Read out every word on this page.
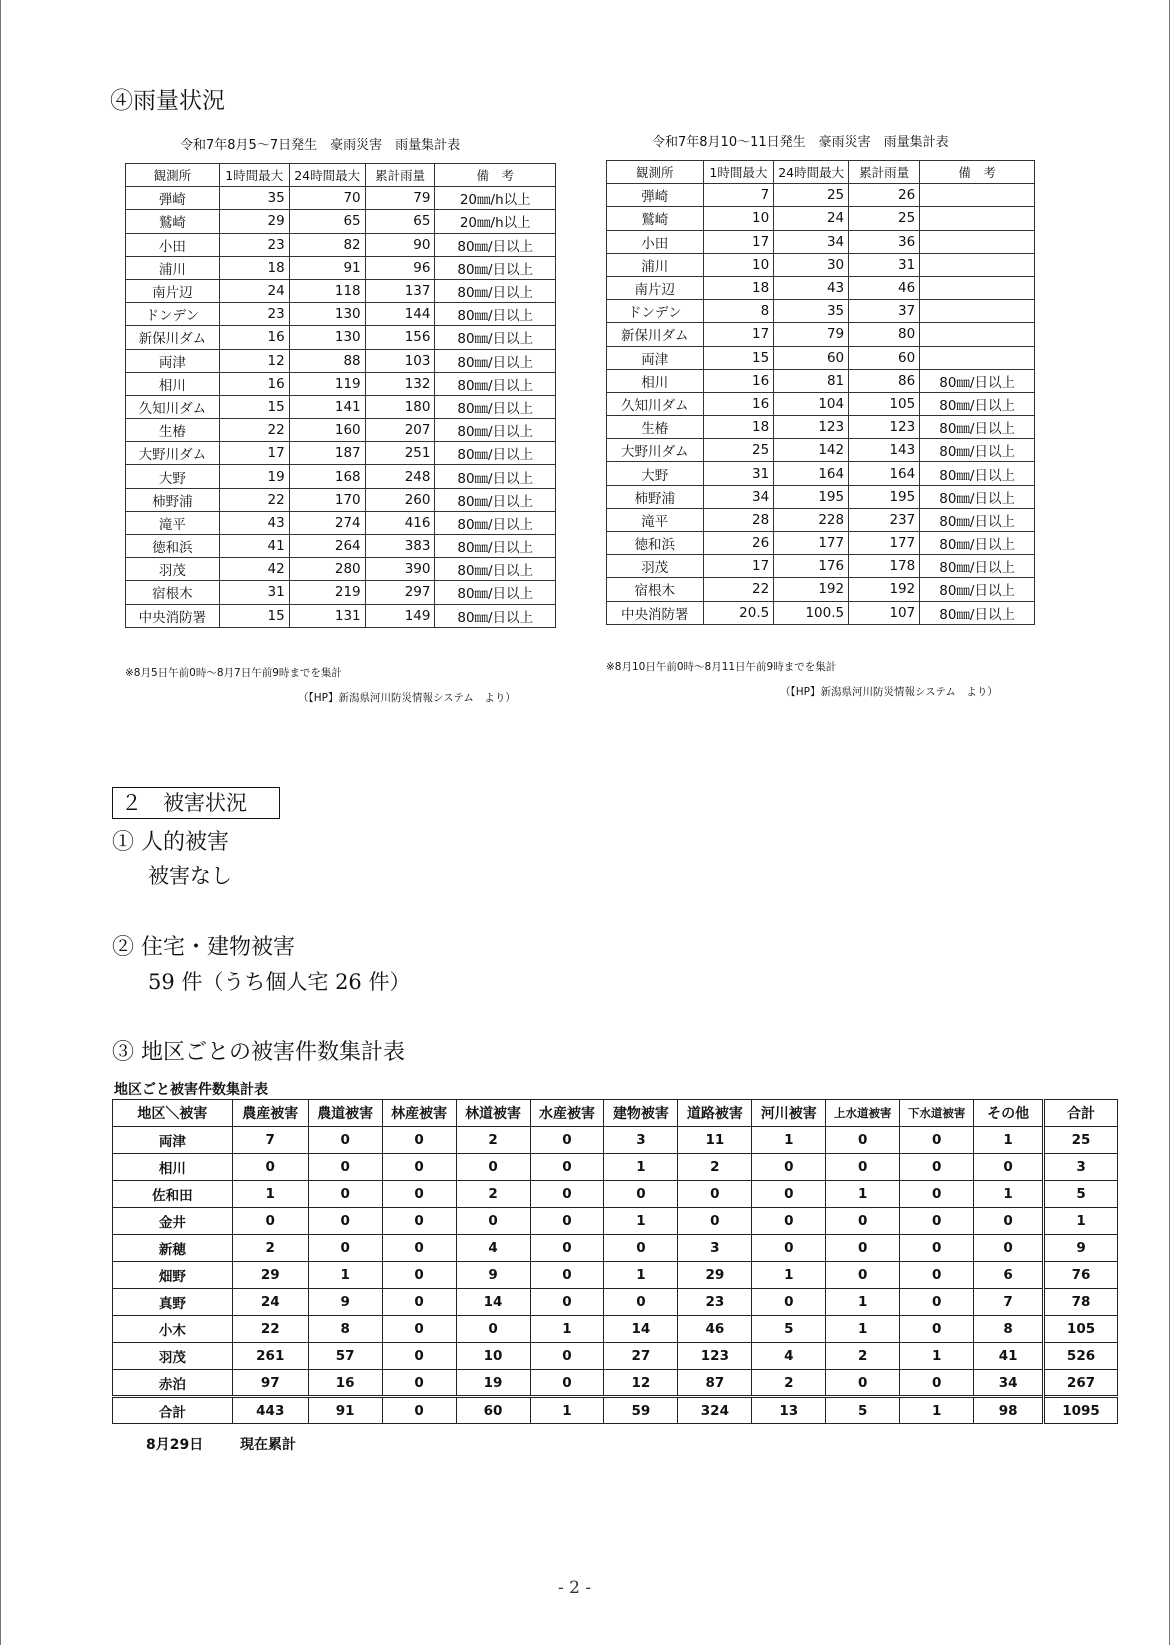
④雨量状況
令和7年8月5〜7日発生　豪雨災害　雨量集計表
観測所	1時間最大	24時間最大	累計雨量	備　考
弾崎	35	70	79	20㎜/h以上
鷲崎	29	65	65	20㎜/h以上
小田	23	82	90	80㎜/日以上
浦川	18	91	96	80㎜/日以上
南片辺	24	118	137	80㎜/日以上
ドンデン	23	130	144	80㎜/日以上
新保川ダム	16	130	156	80㎜/日以上
両津	12	88	103	80㎜/日以上
相川	16	119	132	80㎜/日以上
久知川ダム	15	141	180	80㎜/日以上
生椿	22	160	207	80㎜/日以上
大野川ダム	17	187	251	80㎜/日以上
大野	19	168	248	80㎜/日以上
柿野浦	22	170	260	80㎜/日以上
滝平	43	274	416	80㎜/日以上
徳和浜	41	264	383	80㎜/日以上
羽茂	42	280	390	80㎜/日以上
宿根木	31	219	297	80㎜/日以上
中央消防署	15	131	149	80㎜/日以上
※8月5日午前0時〜8月7日午前9時までを集計
（【HP】新潟県河川防災情報システム　より）
令和7年8月10〜11日発生　豪雨災害　雨量集計表
観測所	1時間最大	24時間最大	累計雨量	備　考
弾崎	7	25	26	
鷲崎	10	24	25	
小田	17	34	36	
浦川	10	30	31	
南片辺	18	43	46	
ドンデン	8	35	37	
新保川ダム	17	79	80	
両津	15	60	60	
相川	16	81	86	80㎜/日以上
久知川ダム	16	104	105	80㎜/日以上
生椿	18	123	123	80㎜/日以上
大野川ダム	25	142	143	80㎜/日以上
大野	31	164	164	80㎜/日以上
柿野浦	34	195	195	80㎜/日以上
滝平	28	228	237	80㎜/日以上
徳和浜	26	177	177	80㎜/日以上
羽茂	17	176	178	80㎜/日以上
宿根木	22	192	192	80㎜/日以上
中央消防署	20.5	100.5	107	80㎜/日以上
※8月10日午前0時〜8月11日午前9時までを集計
（【HP】新潟県河川防災情報システム　より）
２　被害状況
① 人的被害
被害なし
② 住宅・建物被害
59 件（うち個人宅 26 件）
③ 地区ごとの被害件数集計表
地区ごと被害件数集計表
地区＼被害	農産被害	農道被害	林産被害	林道被害	水産被害	建物被害	道路被害	河川被害	上水道被害	下水道被害	その他	合計
両津	7	0	0	2	0	3	11	1	0	0	1	25
相川	0	0	0	0	0	1	2	0	0	0	0	3
佐和田	1	0	0	2	0	0	0	0	1	0	1	5
金井	0	0	0	0	0	1	0	0	0	0	0	1
新穂	2	0	0	4	0	0	3	0	0	0	0	9
畑野	29	1	0	9	0	1	29	1	0	0	6	76
真野	24	9	0	14	0	0	23	0	1	0	7	78
小木	22	8	0	0	1	14	46	5	1	0	8	105
羽茂	261	57	0	10	0	27	123	4	2	1	41	526
赤泊	97	16	0	19	0	12	87	2	0	0	34	267
合計	443	91	0	60	1	59	324	13	5	1	98	1095
8月29日	現在累計
- 2 -
